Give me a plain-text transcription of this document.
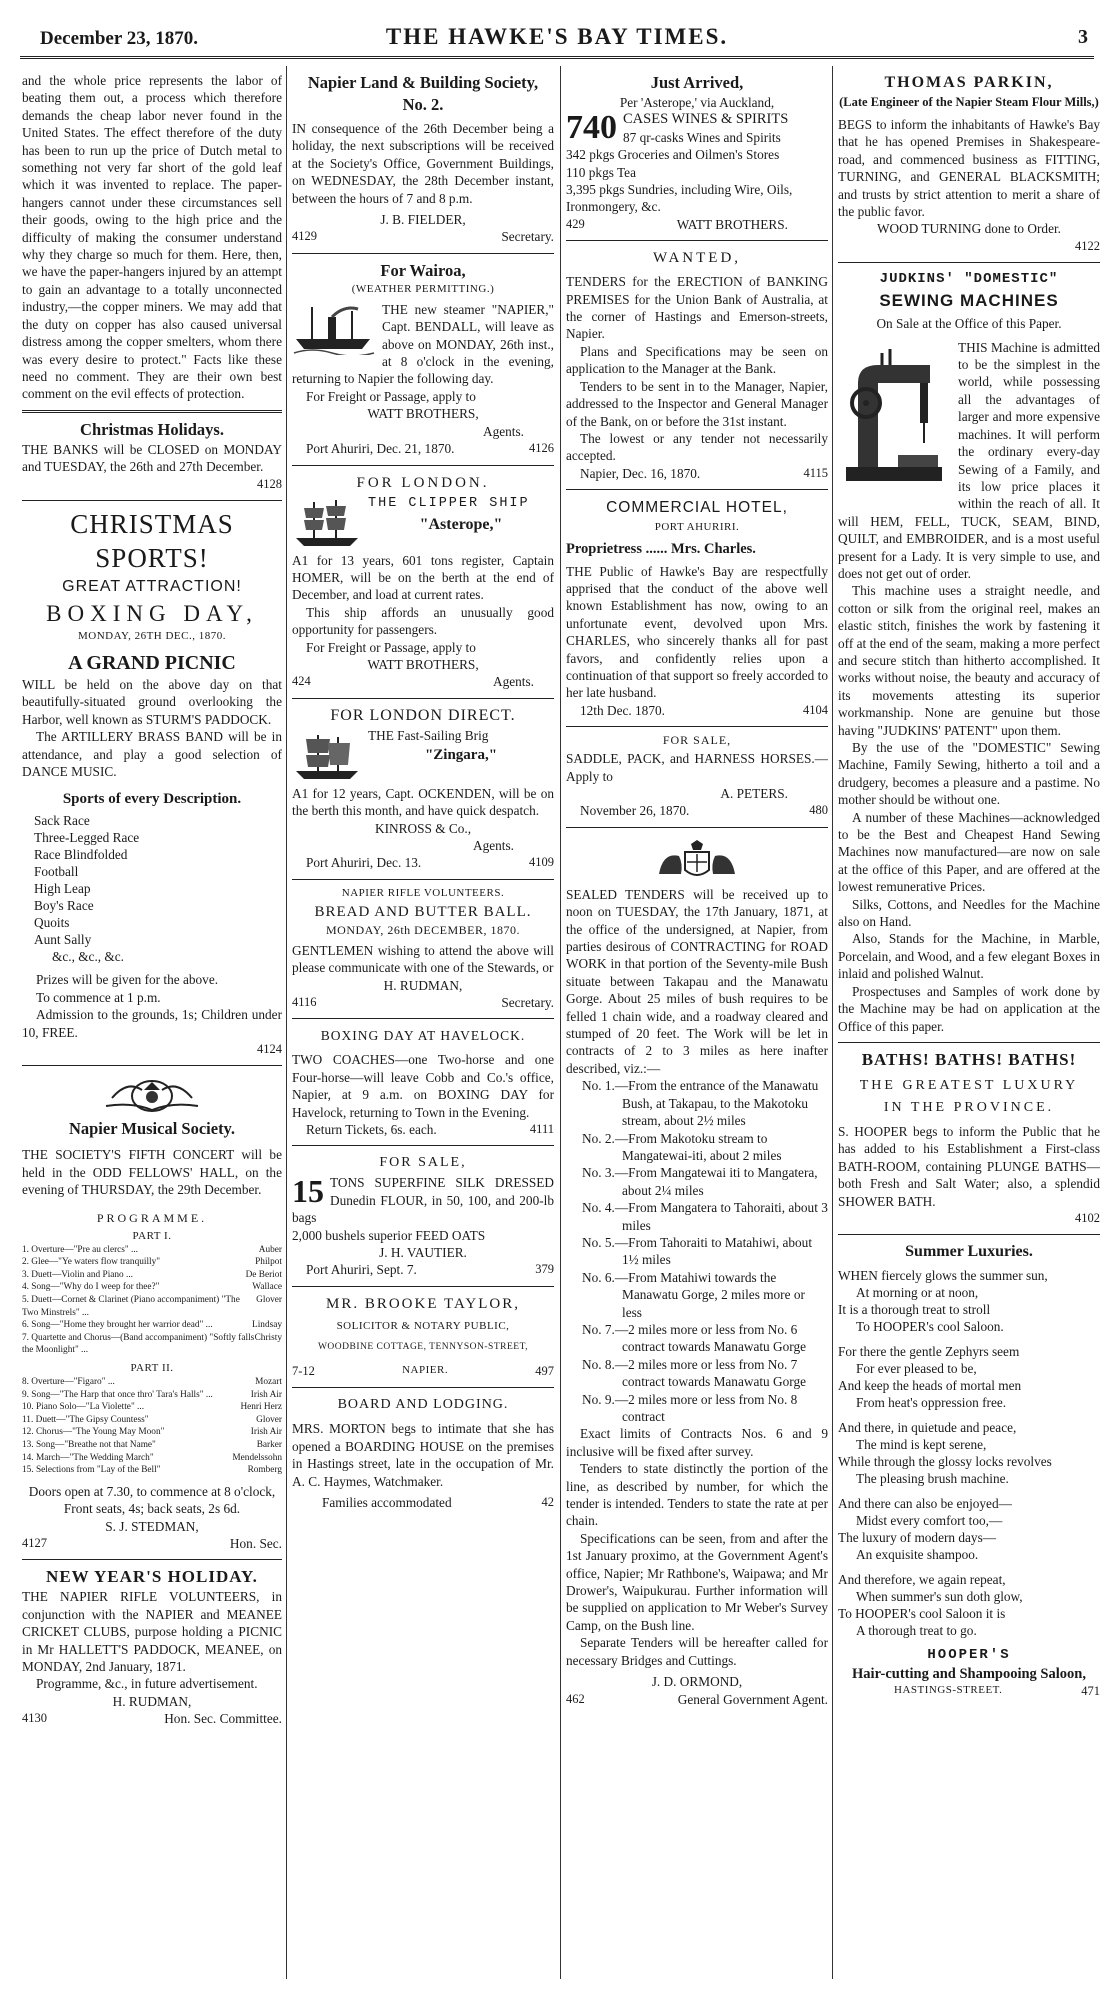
December 23, 1870.	THE HAWKE'S BAY TIMES.	3

and the whole price represents the labor of beating them out, a process which therefore demands the cheap labor never found in the United States. The effect therefore of the duty has been to run up the price of Dutch metal to something not very far short of the gold leaf which it was invented to replace. The paper-hangers cannot under these circumstances sell their goods, owing to the high price and the difficulty of making the consumer understand why they charge so much for them. Here, then, we have the paper-hangers injured by an attempt to gain an advantage to a totally unconnected industry,—the copper miners. We may add that the duty on copper has also caused universal distress among the copper smelters, whom there was every desire to protect." Facts like these need no comment. They are their own best comment on the evil effects of protection.

Christmas Holidays.

THE BANKS will be CLOSED on MONDAY and TUESDAY, the 26th and 27th December.

4128
CHRISTMAS SPORTS!
GREAT ATTRACTION!
BOXING DAY,
MONDAY, 26TH DEC., 1870.
A GRAND PICNIC

WILL be held on the above day on that beautifully-situated ground overlooking the Harbor, well known as STURM'S PADDOCK.

The ARTILLERY BRASS BAND will be in attendance, and play a good selection of DANCE MUSIC.

Sports of every Description.
Sack Race
Three-Legged Race
Race Blindfolded
Football
High Leap
Boy's Race
Quoits
Aunt Sally
&c., &c., &c.

Prizes will be given for the above.

To commence at 1 p.m.

Admission to the grounds, 1s; Children under 10, FREE.

4124
Napier Musical Society.

THE SOCIETY'S FIFTH CONCERT will be held in the ODD FELLOWS' HALL, on the evening of THURSDAY, the 29th December.

PROGRAMME.
PART I.
1. Overture—"Pre au clercs" ...	Auber
2. Glee—"Ye waters flow tranquilly"	Philpot
3. Duett—Violin and Piano ...	De Beriot
4. Song—"Why do I weep for thee?"	Wallace
5. Duett—Cornet & Clarinet (Piano accompaniment) "The Two Minstrels" ...
Glover
6. Song—"Home they brought her warrior dead" ...	Lindsay
7. Quartette and Chorus—(Band accompaniment) "Softly falls the Moonlight" ...
Christy
PART II.
8. Overture—"Figaro" ...	Mozart
9. Song—"The Harp that once thro' Tara's Halls" ...	Irish Air
10. Piano Solo—"La Violette" ...	Henri Herz
11. Duett—"The Gipsy Countess"	Glover
12. Chorus—"The Young May Moon"	Irish Air
13. Song—"Breathe not that Name"	Barker
14. March—"The Wedding March"	Mendelssohn
15. Selections from "Lay of the Bell"	Romberg

Doors open at 7.30, to commence at 8 o'clock,

Front seats, 4s; back seats, 2s 6d.

S. J. STEDMAN,
4127	Hon. Sec.
NEW YEAR'S HOLIDAY.

THE NAPIER RIFLE VOLUNTEERS, in conjunction with the NAPIER and MEANEE CRICKET CLUBS, purpose holding a PICNIC in Mr HALLETT'S PADDOCK, MEANEE, on MONDAY, 2nd January, 1871.

Programme, &c., in future advertisement.

H. RUDMAN,
4130	Hon. Sec. Committee.
Napier Land & Building Society,
No. 2.

IN consequence of the 26th December being a holiday, the next subscriptions will be received at the Society's Office, Government Buildings, on WEDNESDAY, the 28th December instant, between the hours of 7 and 8 p.m.

J. B. FIELDER,
4129	Secretary.
For Wairoa,
(WEATHER PERMITTING.)

THE new steamer "NAPIER," Capt. BENDALL, will leave as above on MONDAY, 26th inst., at 8 o'clock in the evening, returning to Napier the following day.

For Freight or Passage, apply to

WATT BROTHERS,
Agents.
Port Ahuriri, Dec. 21, 1870.	4126
FOR LONDON.
THE CLIPPER SHIP
"Asterope,"

A1 for 13 years, 601 tons register, Captain HOMER, will be on the berth at the end of December, and load at current rates.

This ship affords an unusually good opportunity for passengers.

For Freight or Passage, apply to

WATT BROTHERS,
424	Agents.
FOR LONDON DIRECT.
THE Fast-Sailing Brig
"Zingara,"

A1 for 12 years, Capt. OCKENDEN, will be on the berth this month, and have quick despatch.

KINROSS & Co.,
Agents.
Port Ahuriri, Dec. 13.	4109
NAPIER RIFLE VOLUNTEERS.
BREAD AND BUTTER BALL.
MONDAY, 26th DECEMBER, 1870.

GENTLEMEN wishing to attend the above will please communicate with one of the Stewards, or

H. RUDMAN,
4116	Secretary.
BOXING DAY AT HAVELOCK.

TWO COACHES—one Two-horse and one Four-horse—will leave Cobb and Co.'s office, Napier, at 9 a.m. on BOXING DAY for Havelock, returning to Town in the Evening.

Return Tickets, 6s. each.	4111
FOR SALE,
15 TONS SUPERFINE SILK DRESSED Dunedin FLOUR, in 50, 100, and 200-lb bags

2,000 bushels superior FEED OATS

J. H. VAUTIER.
Port Ahuriri, Sept. 7.	379
MR. BROOKE TAYLOR,
SOLICITOR & NOTARY PUBLIC,
WOODBINE COTTAGE, TENNYSON-STREET,
7-12	NAPIER.	497
BOARD AND LODGING.

MRS. MORTON begs to intimate that she has opened a BOARDING HOUSE on the premises in Hastings street, late in the occupation of Mr. A. C. Haymes, Watchmaker.

Families accommodated	42
Just Arrived,
Per 'Asterope,' via Auckland,
740 CASES WINES & SPIRITS
87 qr-casks Wines and Spirits
342 pkgs Groceries and Oilmen's Stores
110 pkgs Tea
3,395 pkgs Sundries, including Wire, Oils, Ironmongery, &c.
429	WATT BROTHERS.
WANTED,

TENDERS for the ERECTION of BANKING PREMISES for the Union Bank of Australia, at the corner of Hastings and Emerson-streets, Napier.

Plans and Specifications may be seen on application to the Manager at the Bank.

Tenders to be sent in to the Manager, Napier, addressed to the Inspector and General Manager of the Bank, on or before the 31st instant.

The lowest or any tender not necessarily accepted.

Napier, Dec. 16, 1870.	4115
COMMERCIAL HOTEL,
PORT AHURIRI.
Proprietress ...... Mrs. Charles.

THE Public of Hawke's Bay are respectfully apprised that the conduct of the above well known Establishment has now, owing to an unfortunate event, devolved upon Mrs. CHARLES, who sincerely thanks all for past favors, and confidently relies upon a continuation of that support so freely accorded to her late husband.

12th Dec. 1870.	4104
FOR SALE,

SADDLE, PACK, and HARNESS HORSES.—Apply to

A. PETERS.
November 26, 1870.	480

SEALED TENDERS will be received up to noon on TUESDAY, the 17th January, 1871, at the office of the undersigned, at Napier, from parties desirous of CONTRACTING for ROAD WORK in that portion of the Seventy-mile Bush situate between Takapau and the Manawatu Gorge. About 25 miles of bush requires to be felled 1 chain wide, and a roadway cleared and stumped of 20 feet. The Work will be let in contracts of 2 to 3 miles as here inafter described, viz.:—

No. 1.—From the entrance of the Manawatu Bush, at Takapau, to the Makotoku stream, about 2½ miles
No. 2.—From Makotoku stream to Mangatewai-iti, about 2 miles
No. 3.—From Mangatewai iti to Mangatera, about 2¼ miles
No. 4.—From Mangatera to Tahoraiti, about 3 miles
No. 5.—From Tahoraiti to Matahiwi, about 1½ miles
No. 6.—From Matahiwi towards the Manawatu Gorge, 2 miles more or less
No. 7.—2 miles more or less from No. 6 contract towards Manawatu Gorge
No. 8.—2 miles more or less from No. 7 contract towards Manawatu Gorge
No. 9.—2 miles more or less from No. 8 contract

Exact limits of Contracts Nos. 6 and 9 inclusive will be fixed after survey.

Tenders to state distinctly the portion of the line, as described by number, for which the tender is intended. Tenders to state the rate at per chain.

Specifications can be seen, from and after the 1st January proximo, at the Government Agent's office, Napier; Mr Rathbone's, Waipawa; and Mr Drower's, Waipukurau. Further information will be supplied on application to Mr Weber's Survey Camp, on the Bush line.

Separate Tenders will be hereafter called for necessary Bridges and Cuttings.

J. D. ORMOND,
462	General Government Agent.
THOMAS PARKIN,
(Late Engineer of the Napier Steam Flour Mills,)

BEGS to inform the inhabitants of Hawke's Bay that he has opened Premises in Shakespeare-road, and commenced business as FITTING, TURNING, and GENERAL BLACKSMITH; and trusts by strict attention to merit a share of the public favor.

WOOD TURNING done to Order.
4122
JUDKINS' "DOMESTIC"
SEWING MACHINES
On Sale at the Office of this Paper.

THIS Machine is admitted to be the simplest in the world, while possessing all the advantages of larger and more expensive machines. It will perform the ordinary every-day Sewing of a Family, and its low price places it within the reach of all. It will HEM, FELL, TUCK, SEAM, BIND, QUILT, and EMBROIDER, and is a most useful present for a Lady. It is very simple to use, and does not get out of order.

This machine uses a straight needle, and cotton or silk from the original reel, makes an elastic stitch, finishes the work by fastening it off at the end of the seam, making a more perfect and secure stitch than hitherto accomplished. It works without noise, the beauty and accuracy of its movements attesting its superior workmanship. None are genuine but those having "JUDKINS' PATENT" upon them.

By the use of the "DOMESTIC" Sewing Machine, Family Sewing, hitherto a toil and a drudgery, becomes a pleasure and a pastime. No mother should be without one.

A number of these Machines—acknowledged to be the Best and Cheapest Hand Sewing Machines now manufactured—are now on sale at the office of this Paper, and are offered at the lowest remunerative Prices.

Silks, Cottons, and Needles for the Machine also on Hand.

Also, Stands for the Machine, in Marble, Porcelain, and Wood, and a few elegant Boxes in inlaid and polished Walnut.

Prospectuses and Samples of work done by the Machine may be had on application at the Office of this paper.

BATHS! BATHS! BATHS!
THE GREATEST LUXURY
IN THE PROVINCE.

S. HOOPER begs to inform the Public that he has added to his Establishment a First-class BATH-ROOM, containing PLUNGE BATHS—both Fresh and Salt Water; also, a splendid SHOWER BATH.

4102
Summer Luxuries.
WHEN fiercely glows the summer sun,
At morning or at noon,
It is a thorough treat to stroll
To HOOPER's cool Saloon.
For there the gentle Zephyrs seem
For ever pleased to be,
And keep the heads of mortal men
From heat's oppression free.
And there, in quietude and peace,
The mind is kept serene,
While through the glossy locks revolves
The pleasing brush machine.
And there can also be enjoyed—
Midst every comfort too,—
The luxury of modern days—
An exquisite shampoo.
And therefore, we again repeat,
When summer's sun doth glow,
To HOOPER's cool Saloon it is
A thorough treat to go.
HOOPER'S
Hair-cutting and Shampooing Saloon,
HASTINGS-STREET.	471
